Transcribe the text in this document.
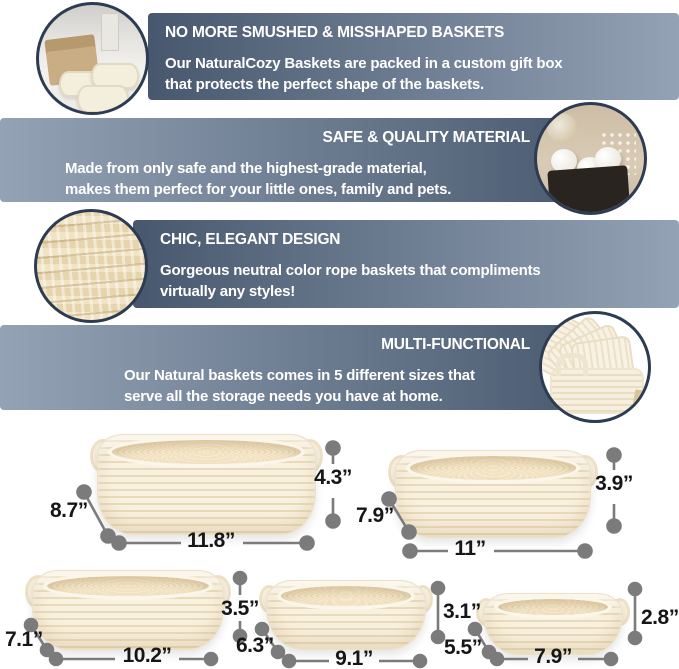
NO MORE SMUSHED & MISSHAPED BASKETS

Our NaturalCozy Baskets are packed in a custom gift box
that protects the perfect shape of the baskets.

SAFE & QUALITY MATERIAL

Made from only safe and the highest-grade material,
makes them perfect for your little ones, family and pets.

CHIC, ELEGANT DESIGN

Gorgeous neutral color rope baskets that compliments
virtually any styles!

MULTI-FUNCTIONAL

Our Natural baskets comes in 5 different sizes that
serve all the storage needs you have at home.

11.8”
8.7”
4.3”
11”
7.9”
3.9”
10.2”
7.1”
3.5”
9.1”
6.3”
3.1”
7.9”
5.5”
2.8”
